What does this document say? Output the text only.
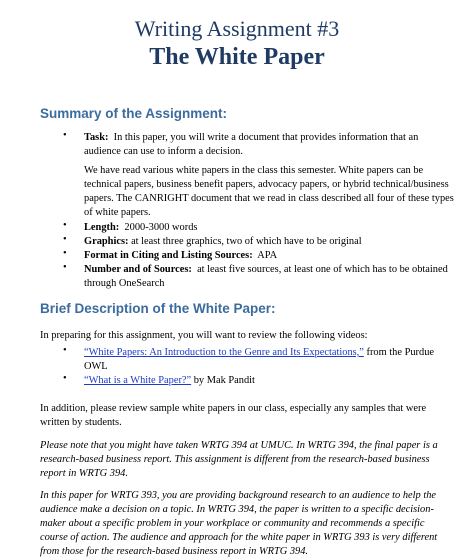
Writing Assignment #3
The White Paper
Summary of the Assignment:
• Task: In this paper, you will write a document that provides information that an
audience can use to inform a decision.
We have read various white papers in the class this semester. White papers can be
technical papers, business benefit papers, advocacy papers, or hybrid technical/business
papers. The CANRIGHT document that we read in class described all four of these types
of white papers.
• Length: 2000-3000 words
• Graphics: at least three graphics, two of which have to be original
• Format in Citing and Listing Sources: APA
• Number and of Sources: at least five sources, at least one of which has to be obtained
through OneSearch
Brief Description of the White Paper:
In preparing for this assignment, you will want to review the following videos:
• “White Papers: An Introduction to the Genre and Its Expectations,” from the Purdue
OWL
• “What is a White Paper?” by Mak Pandit
In addition, please review sample white papers in our class, especially any samples that were
written by students.
Please note that you might have taken WRTG 394 at UMUC. In WRTG 394, the final paper is a
research-based business report. This assignment is different from the research-based business
report in WRTG 394.
In this paper for WRTG 393, you are providing background research to an audience to help the
audience make a decision on a topic. In WRTG 394, the paper is written to a specific decision-
maker about a specific problem in your workplace or community and recommends a specific
course of action. The audience and approach for the white paper in WRTG 393 is very different
from those for the research-based business report in WRTG 394.
